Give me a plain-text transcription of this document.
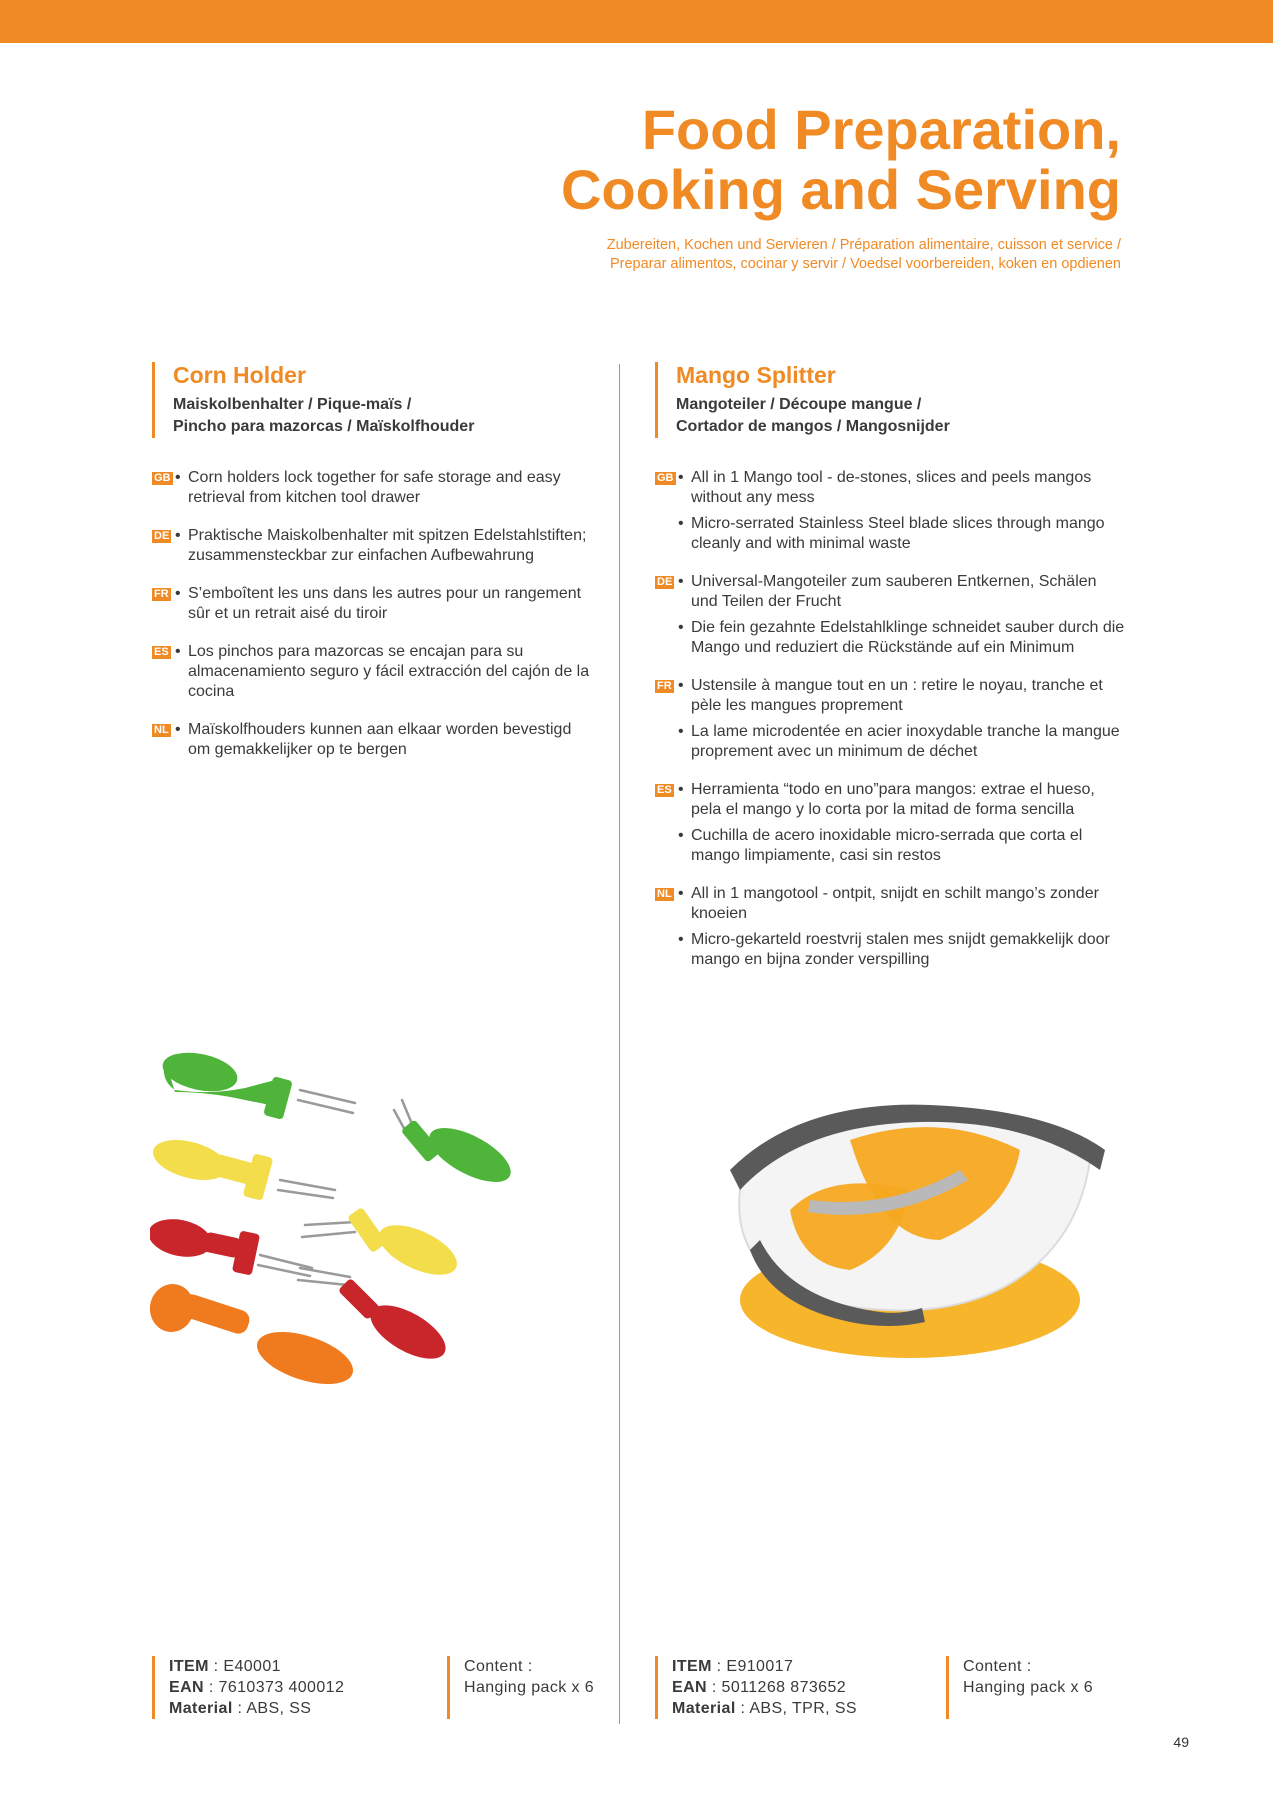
Food Preparation,
Cooking and Serving
Zubereiten, Kochen und Servieren / Préparation alimentaire, cuisson et service /
Preparar alimentos, cocinar y servir / Voedsel voorbereiden, koken en opdienen
Corn Holder
Maiskolbenhalter / Pique-maïs /
Pincho para mazorcas / Maïskolfhouder
GB	• Corn holders lock together for safe storage and easy retrieval from kitchen tool drawer
DE	• Praktische Maiskolbenhalter mit spitzen Edelstahlstiften; zusammensteckbar zur einfachen Aufbewahrung
FR	• S’emboîtent les uns dans les autres pour un rangement sûr et un retrait aisé du tiroir
ES	• Los pinchos para mazorcas se encajan para su almacenamiento seguro y fácil extracción del cajón de la cocina
NL	• Maïskolfhouders kunnen aan elkaar worden bevestigd om gemakkelijker op te bergen
Mango Splitter
Mangoteiler / Découpe mangue /
Cortador de mangos / Mangosnijder
GB	• All in 1 Mango tool - de-stones, slices and peels mangos without any mess
• Micro-serrated Stainless Steel blade slices through mango cleanly and with minimal waste
DE	• Universal-Mangoteiler zum sauberen Entkernen, Schälen und Teilen der Frucht
• Die fein gezahnte Edelstahlklinge schneidet sauber durch die Mango und reduziert die Rückstände auf ein Minimum
FR	• Ustensile à mangue tout en un : retire le noyau, tranche et pèle les mangues proprement
• La lame microdentée en acier inoxydable tranche la mangue proprement avec un minimum de déchet
ES	• Herramienta “todo en uno”para mangos: extrae el hueso, pela el mango y lo corta por la mitad de forma sencilla
• Cuchilla de acero inoxidable micro-serrada que corta el mango limpiamente, casi sin restos
NL	• All in 1 mangotool - ontpit, snijdt en schilt mango’s zonder knoeien
• Micro-gekarteld roestvrij stalen mes snijdt gemakkelijk door mango en bijna zonder verspilling
ITEM : E40001
EAN : 7610373 400012
Material : ABS, SS
Content :
Hanging pack x 6
ITEM : E910017
EAN : 5011268 873652
Material : ABS, TPR, SS
Content :
Hanging pack x 6
49
